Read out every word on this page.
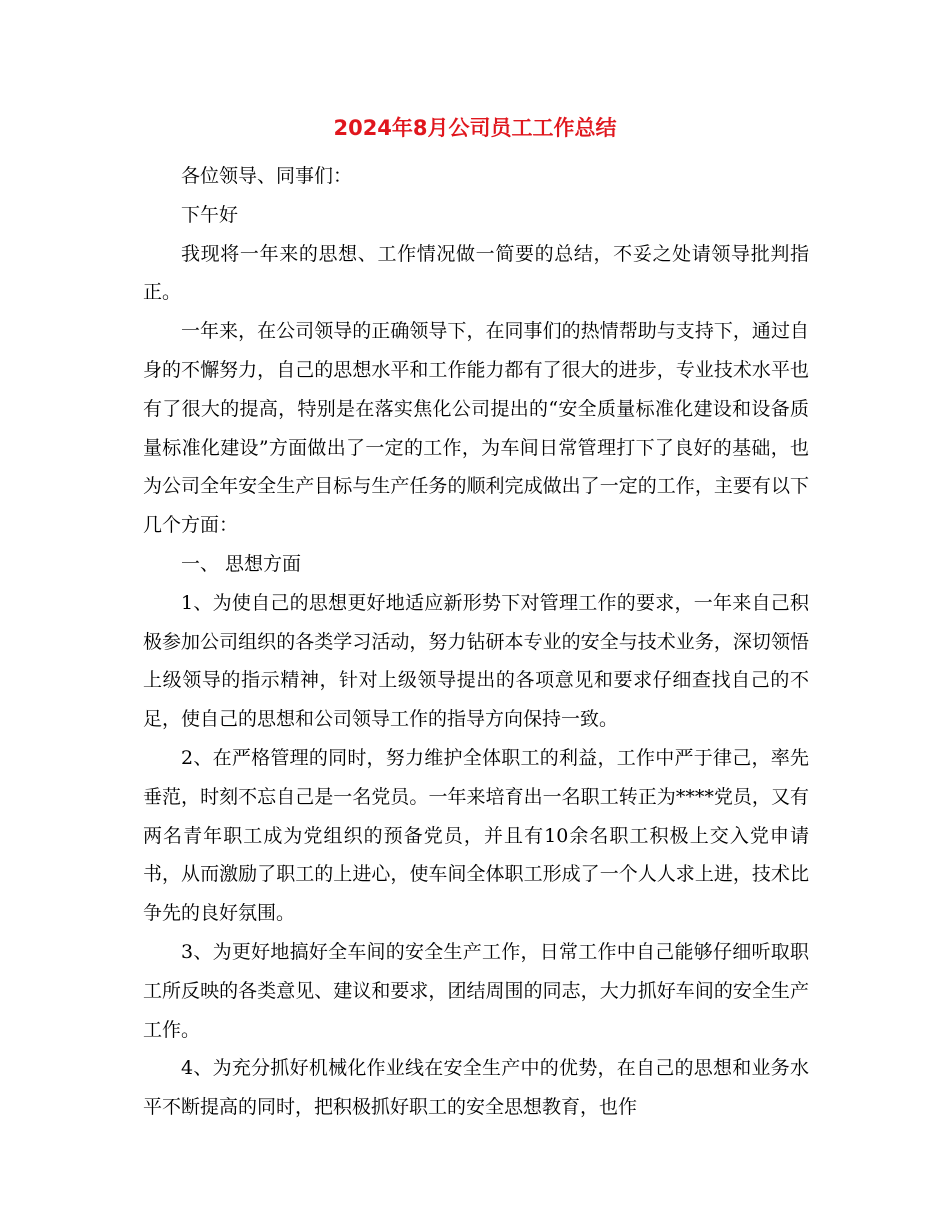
2024年8月公司员工工作总结

各位领导、同事们：

下午好

我现将一年来的思想、工作情况做一简要的总结，不妥之处请领导批判指正。

一年来，在公司领导的正确领导下，在同事们的热情帮助与支持下，通过自身的不懈努力，自己的思想水平和工作能力都有了很大的进步，专业技术水平也有了很大的提高，特别是在落实焦化公司提出的“安全质量标准化建设和设备质量标准化建设”方面做出了一定的工作，为车间日常管理打下了良好的基础，也为公司全年安全生产目标与生产任务的顺利完成做出了一定的工作，主要有以下几个方面：

一、 思想方面

1、为使自己的思想更好地适应新形势下对管理工作的要求，一年来自己积极参加公司组织的各类学习活动，努力钻研本专业的安全与技术业务，深切领悟上级领导的指示精神，针对上级领导提出的各项意见和要求仔细查找自己的不足，使自己的思想和公司领导工作的指导方向保持一致。

2、在严格管理的同时，努力维护全体职工的利益，工作中严于律己，率先垂范，时刻不忘自己是一名党员。一年来培育出一名职工转正为****党员，又有两名青年职工成为党组织的预备党员，并且有10余名职工积极上交入党申请书，从而激励了职工的上进心，使车间全体职工形成了一个人人求上进，技术比争先的良好氛围。

3、为更好地搞好全车间的安全生产工作，日常工作中自己能够仔细听取职工所反映的各类意见、建议和要求，团结周围的同志，大力抓好车间的安全生产工作。

4、为充分抓好机械化作业线在安全生产中的优势，在自己的思想和业务水平不断提高的同时，把积极抓好职工的安全思想教育，也作
